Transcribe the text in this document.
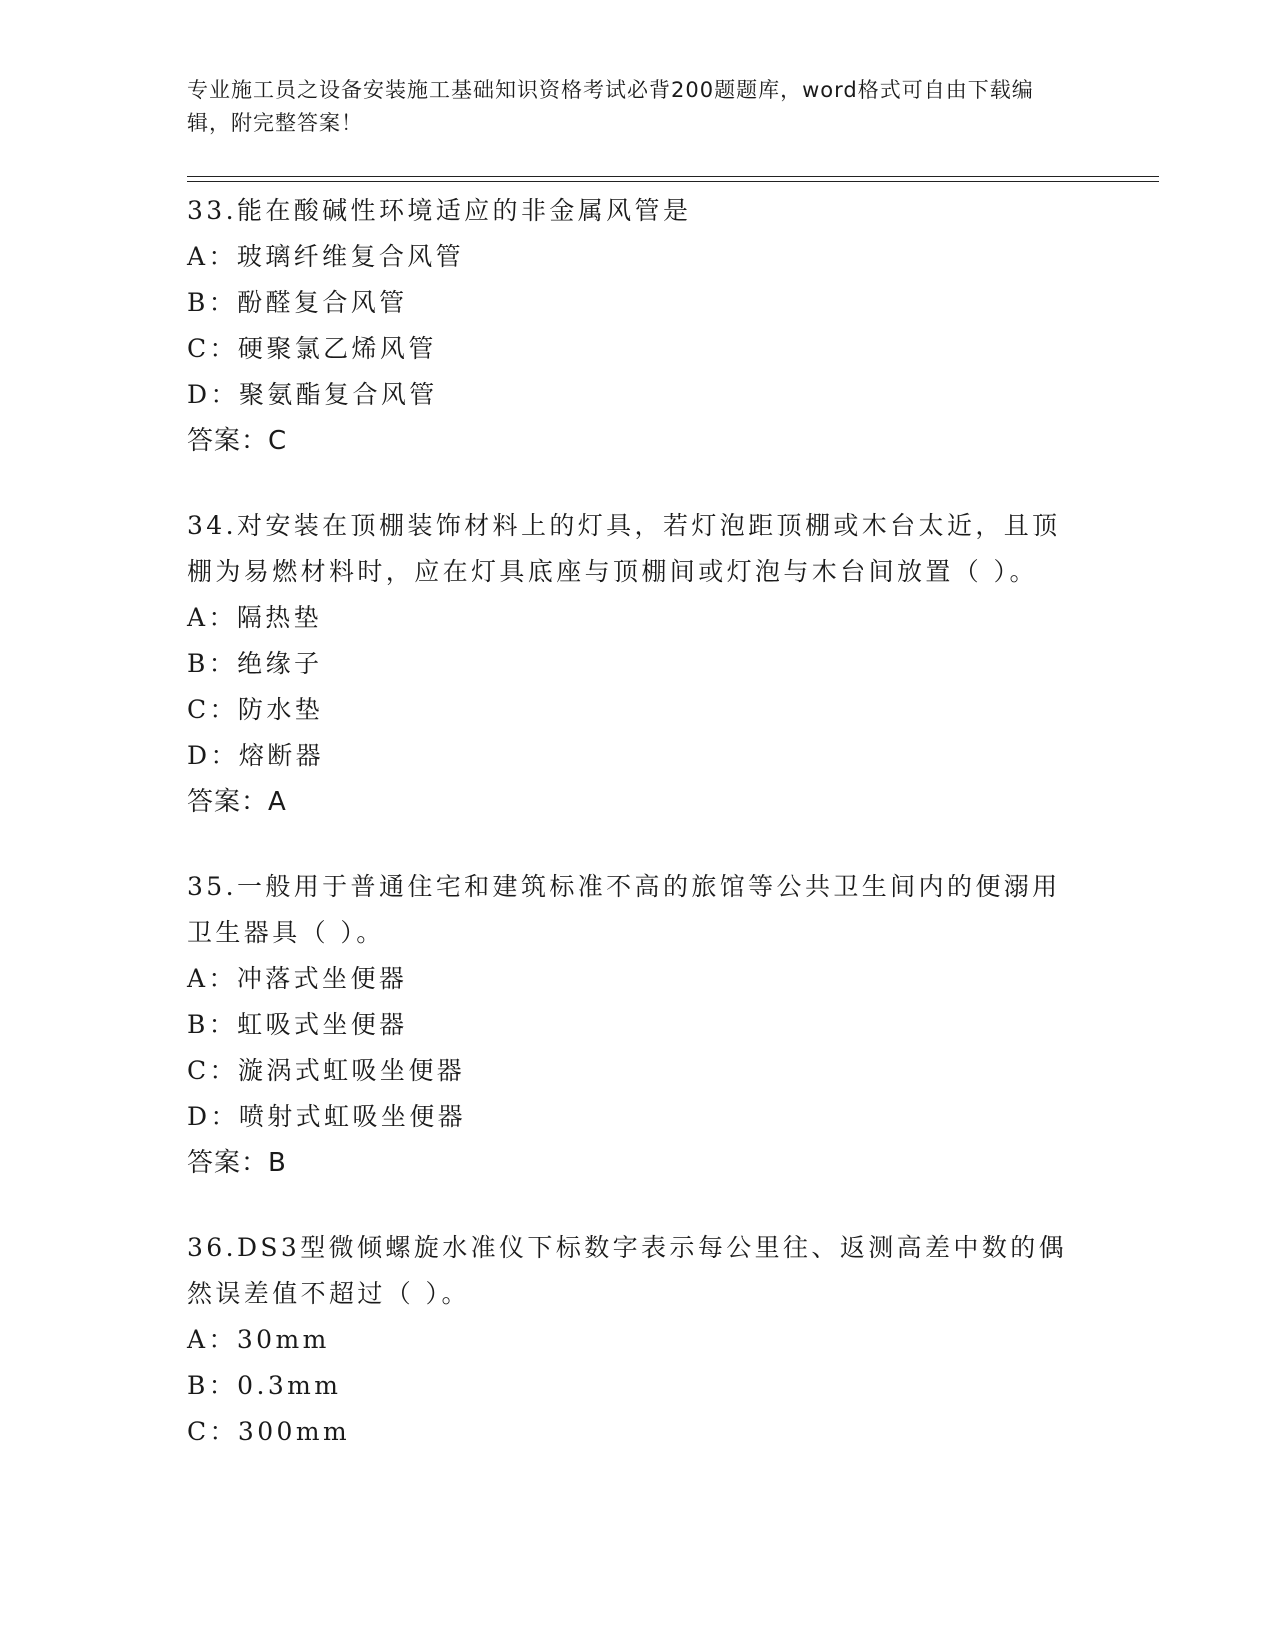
专业施工员之设备安装施工基础知识资格考试必背200题题库，word格式可自由下载编辑，附完整答案！

33.能在酸碱性环境适应的非金属风管是

A：玻璃纤维复合风管

B：酚醛复合风管

C：硬聚氯乙烯风管

D：聚氨酯复合风管

答案：C

34.对安装在顶棚装饰材料上的灯具，若灯泡距顶棚或木台太近，且顶棚为易燃材料时，应在灯具底座与顶棚间或灯泡与木台间放置（ ）。

A：隔热垫

B：绝缘子

C：防水垫

D：熔断器

答案：A

35.一般用于普通住宅和建筑标准不高的旅馆等公共卫生间内的便溺用卫生器具（ ）。

A：冲落式坐便器

B：虹吸式坐便器

C：漩涡式虹吸坐便器

D：喷射式虹吸坐便器

答案：B

36.DS3型微倾螺旋水准仪下标数字表示每公里往、返测高差中数的偶然误差值不超过（ ）。

A：30mm

B：0.3mm

C：300mm
